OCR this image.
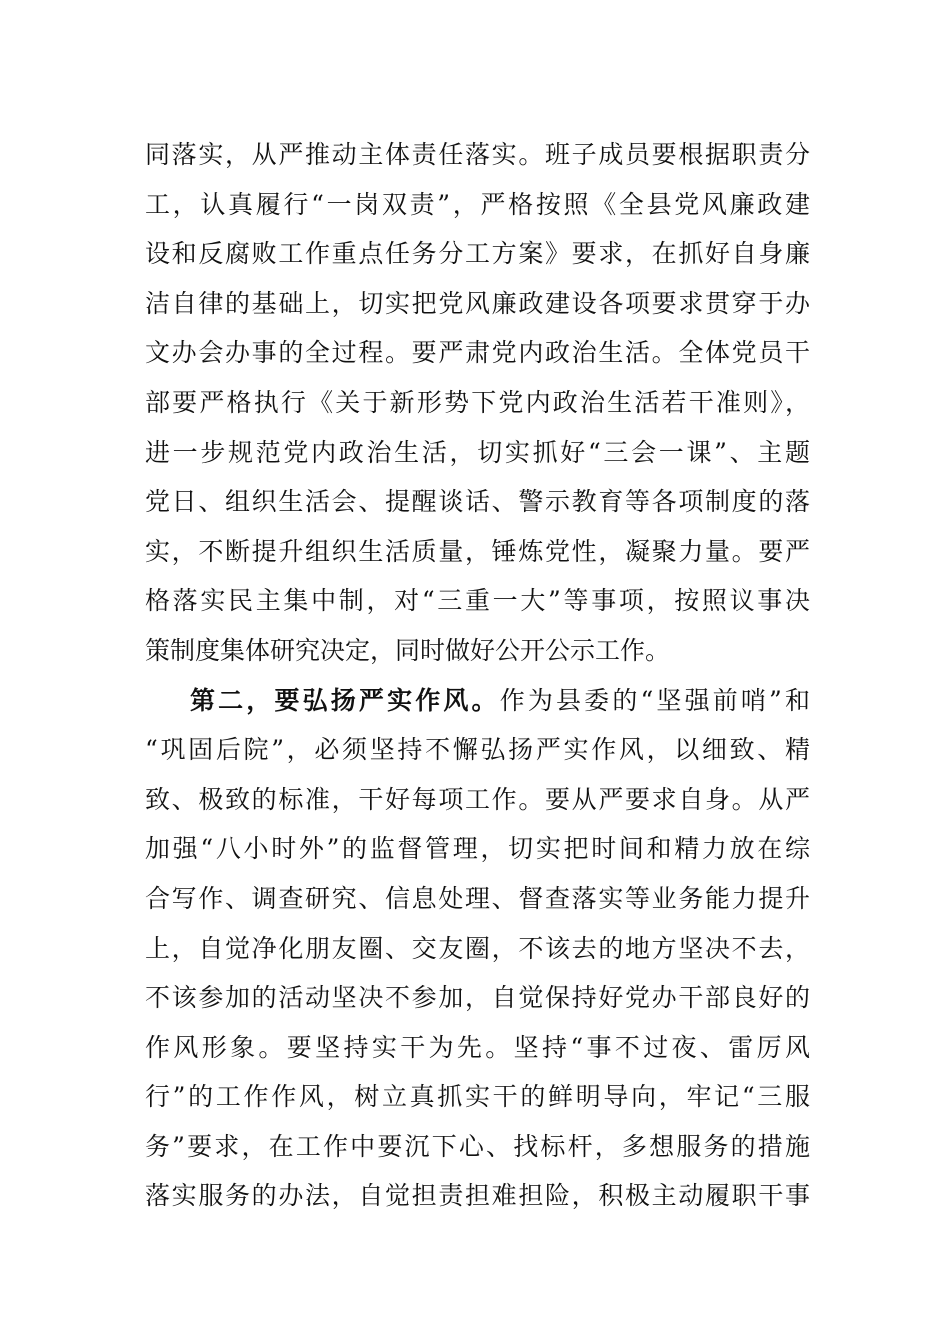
同落实，从严推动主体责任落实。班子成员要根据职责分
工，认真履行“一岗双责”，严格按照《全县党风廉政建
设和反腐败工作重点任务分工方案》要求，在抓好自身廉
洁自律的基础上，切实把党风廉政建设各项要求贯穿于办
文办会办事的全过程。要严肃党内政治生活。全体党员干
部要严格执行《关于新形势下党内政治生活若干准则》，
进一步规范党内政治生活，切实抓好“三会一课”、主题
党日、组织生活会、提醒谈话、警示教育等各项制度的落
实，不断提升组织生活质量，锤炼党性，凝聚力量。要严
格落实民主集中制，对“三重一大”等事项，按照议事决
策制度集体研究决定，同时做好公开公示工作。
第二，要弘扬严实作风。作为县委的“坚强前哨”和
“巩固后院”，必须坚持不懈弘扬严实作风，以细致、精
致、极致的标准，干好每项工作。要从严要求自身。从严
加强“八小时外”的监督管理，切实把时间和精力放在综
合写作、调查研究、信息处理、督查落实等业务能力提升
上，自觉净化朋友圈、交友圈，不该去的地方坚决不去，
不该参加的活动坚决不参加，自觉保持好党办干部良好的
作风形象。要坚持实干为先。坚持“事不过夜、雷厉风
行”的工作作风，树立真抓实干的鲜明导向，牢记“三服
务”要求，在工作中要沉下心、找标杆，多想服务的措施
落实服务的办法，自觉担责担难担险，积极主动履职干事
